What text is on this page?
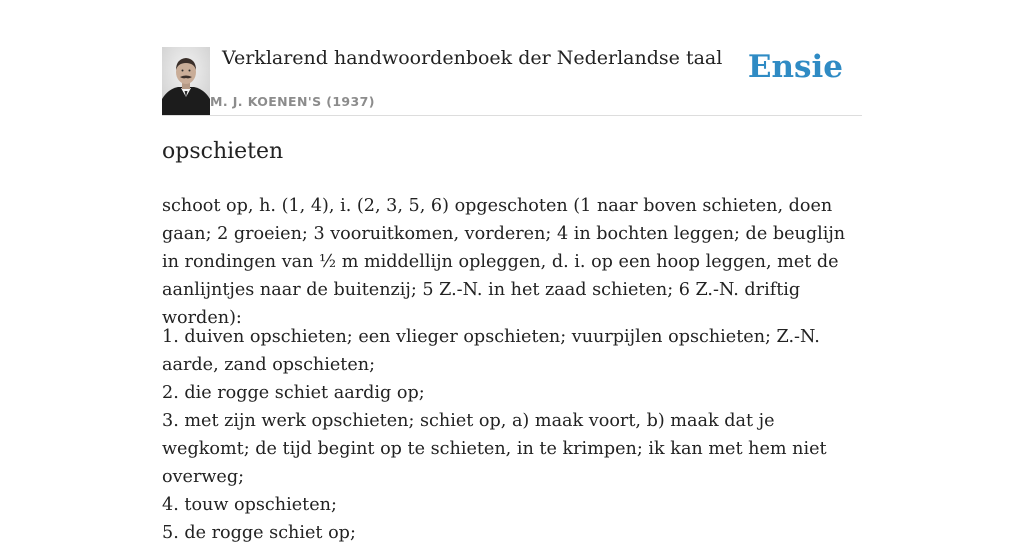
Verklarend handwoordenboek der Nederlandse taal
M. J. KOENEN'S (1937)
Ensie
opschieten

schoot op, h. (1, 4), i. (2, 3, 5, 6) opgeschoten (1 naar boven schieten, doen gaan; 2 groeien; 3 vooruitkomen, vorderen; 4 in bochten leggen; de beuglijn in rondingen van ½ m middellijn opleggen, d. i. op een hoop leggen, met de aanlijntjes naar de buitenzij; 5 Z.-N. in het zaad schieten; 6 Z.-N. driftig worden):

1. duiven opschieten; een vlieger opschieten; vuurpijlen opschieten; Z.-N. aarde, zand opschieten;
2. die rogge schiet aardig op;
3. met zijn werk opschieten; schiet op, a) maak voort, b) maak dat je wegkomt; de tijd begint op te schieten, in te krimpen; ik kan met hem niet overweg;
4. touw opschieten;
5. de rogge schiet op;
